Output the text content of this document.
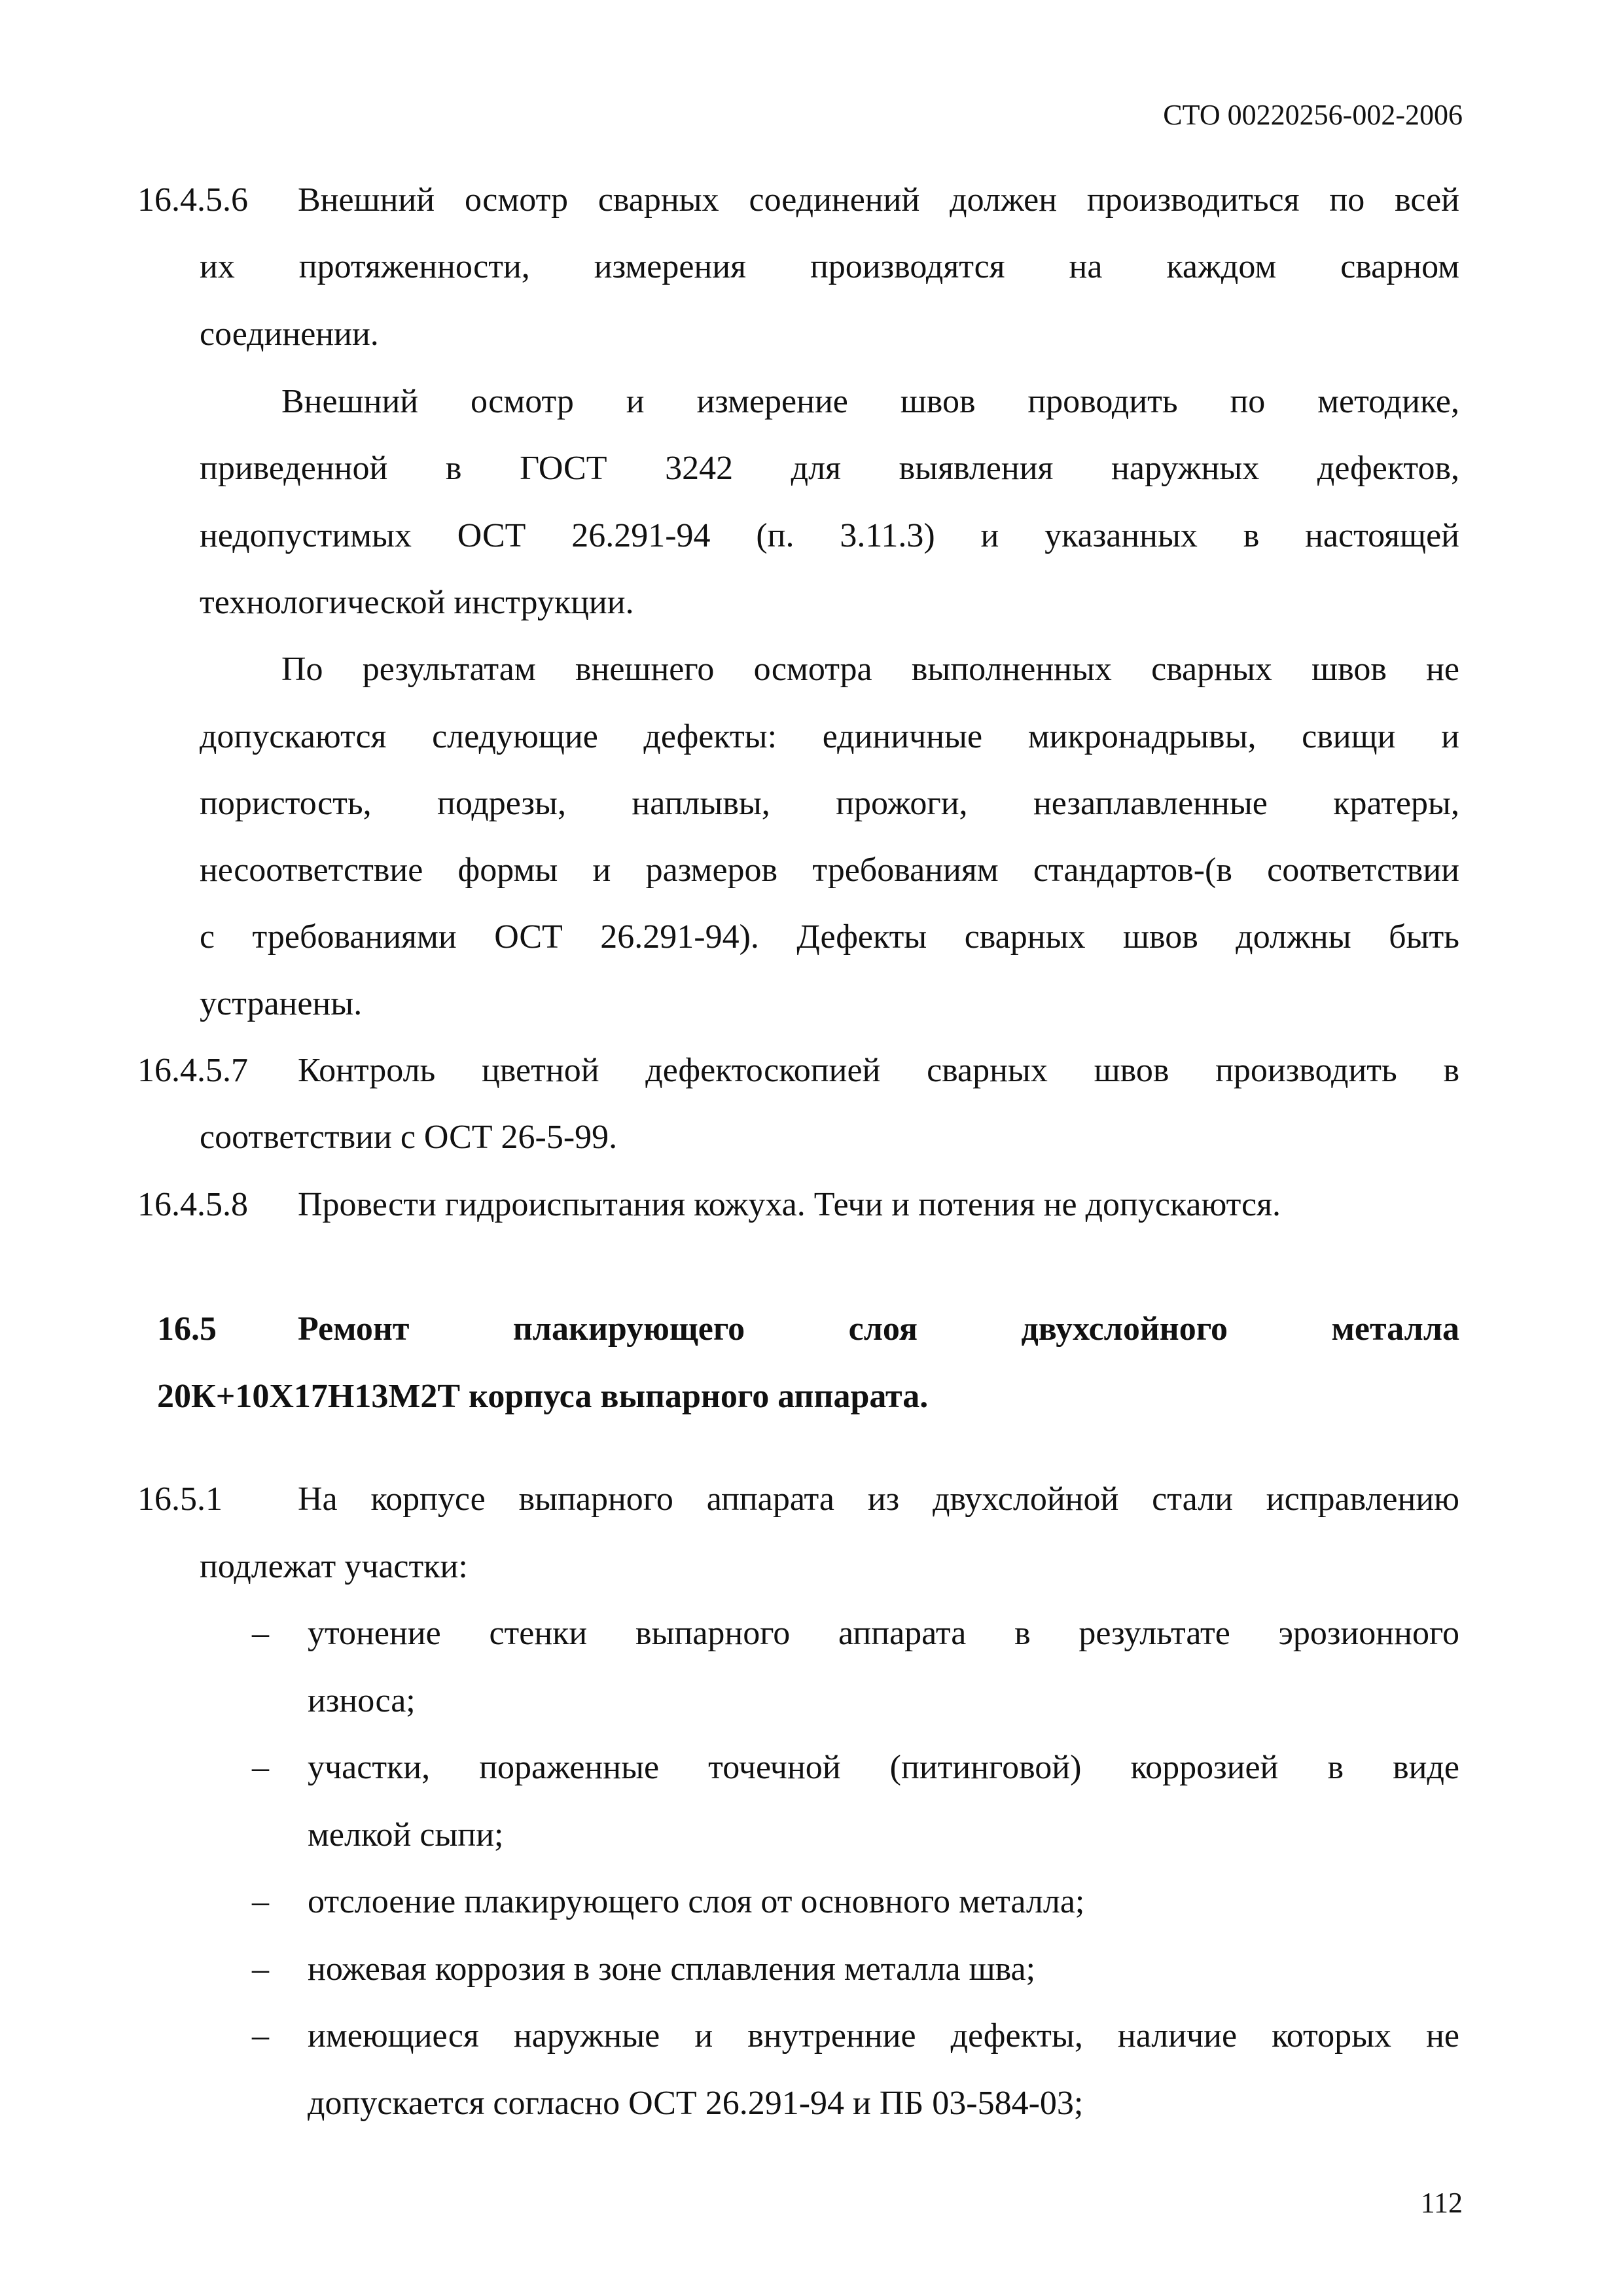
СТО 00220256-002-2006
16.4.5.6 Внешний осмотр сварных соединений должен производиться по всей
их протяженности, измерения производятся на каждом сварном
соединении.
Внешний осмотр и измерение швов проводить по методике,
приведенной в ГОСТ 3242 для выявления наружных дефектов,
недопустимых ОСТ 26.291-94 (п. 3.11.3) и указанных в настоящей
технологической инструкции.
По результатам внешнего осмотра выполненных сварных швов не
допускаются следующие дефекты: единичные микронадрывы, свищи и
пористость, подрезы, наплывы, прожоги, незаплавленные кратеры,
несоответствие формы и размеров требованиям стандартов-(в соответствии
с требованиями ОСТ 26.291-94). Дефекты сварных швов должны быть
устранены.
16.4.5.7 Контроль цветной дефектоскопией сварных швов производить в
соответствии с ОСТ 26-5-99.
16.4.5.8 Провести гидроиспытания кожуха. Течи и потения не допускаются.
16.5 Ремонт плакирующего слоя двухслойного металла
20К+10Х17Н13М2Т корпуса выпарного аппарата.
16.5.1 На корпусе выпарного аппарата из двухслойной стали исправлению
подлежат участки:
– утонение стенки выпарного аппарата в результате эрозионного
износа;
– участки, пораженные точечной (питинговой) коррозией в виде
мелкой сыпи;
– отслоение плакирующего слоя от основного металла;
– ножевая коррозия в зоне сплавления металла шва;
– имеющиеся наружные и внутренние дефекты, наличие которых не
допускается согласно ОСТ 26.291-94 и ПБ 03-584-03;
112
